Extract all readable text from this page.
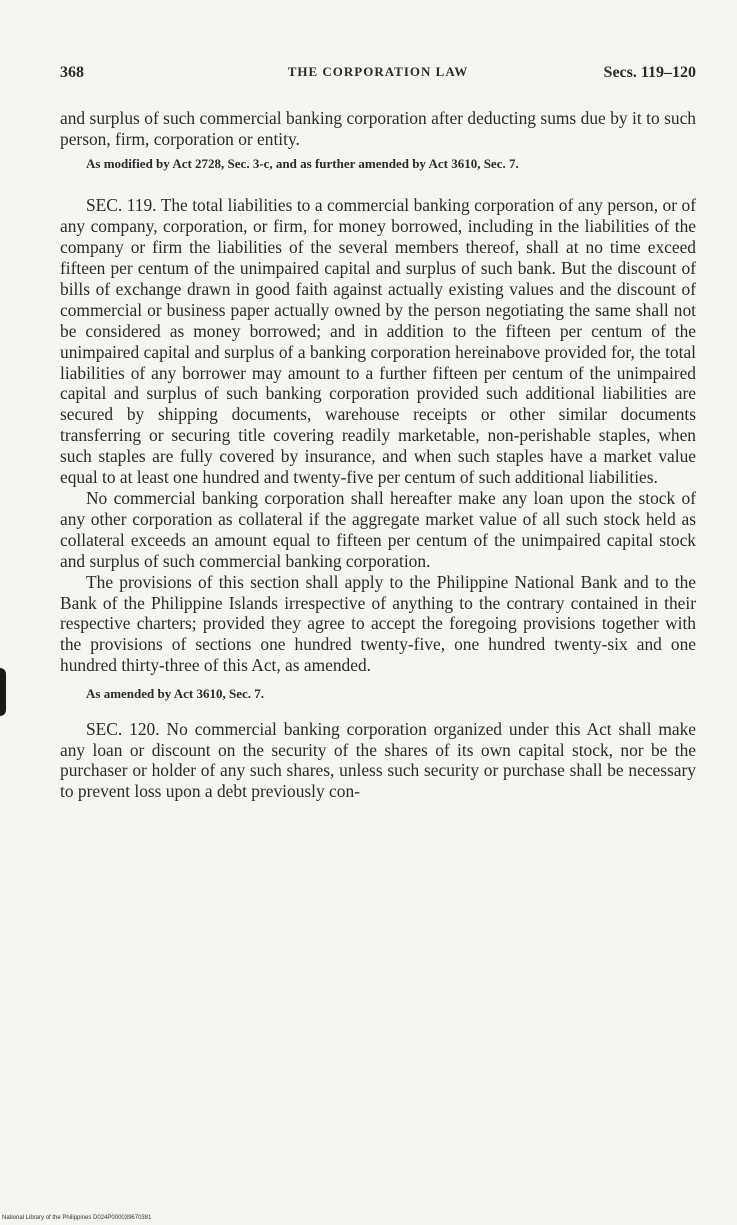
368	THE CORPORATION LAW	Secs. 119–120

and surplus of such commercial banking corporation after deducting sums due by it to such person, firm, corporation or entity.

As modified by Act 2728, Sec. 3-c, and as further amended by Act 3610, Sec. 7.

SEC. 119. The total liabilities to a commercial banking corporation of any person, or of any company, corporation, or firm, for money borrowed, including in the liabilities of the company or firm the liabilities of the several members thereof, shall at no time exceed fifteen per centum of the unimpaired capital and surplus of such bank. But the discount of bills of exchange drawn in good faith against actually existing values and the discount of commercial or business paper actually owned by the person negotiating the same shall not be considered as money borrowed; and in addition to the fifteen per centum of the unimpaired capital and surplus of a banking corporation hereinabove provided for, the total liabilities of any borrower may amount to a further fifteen per centum of the unimpaired capital and surplus of such banking corporation provided such additional liabilities are secured by shipping documents, warehouse receipts or other similar documents transferring or securing title covering readily marketable, non-perishable staples, when such staples are fully covered by insurance, and when such staples have a market value equal to at least one hundred and twenty-five per centum of such additional liabilities.

No commercial banking corporation shall hereafter make any loan upon the stock of any other corporation as collateral if the aggregate market value of all such stock held as collateral exceeds an amount equal to fifteen per centum of the unimpaired capital stock and surplus of such commercial banking corporation.

The provisions of this section shall apply to the Philippine National Bank and to the Bank of the Philippine Islands irrespective of anything to the contrary contained in their respective charters; provided they agree to accept the foregoing provisions together with the provisions of sections one hundred twenty-five, one hundred twenty-six and one hundred thirty-three of this Act, as amended.

As amended by Act 3610, Sec. 7.

SEC. 120. No commercial banking corporation organized under this Act shall make any loan or discount on the security of the shares of its own capital stock, nor be the purchaser or holder of any such shares, unless such security or purchase shall be necessary to prevent loss upon a debt previously con-

National Library of the Philippines D024P000039670381
